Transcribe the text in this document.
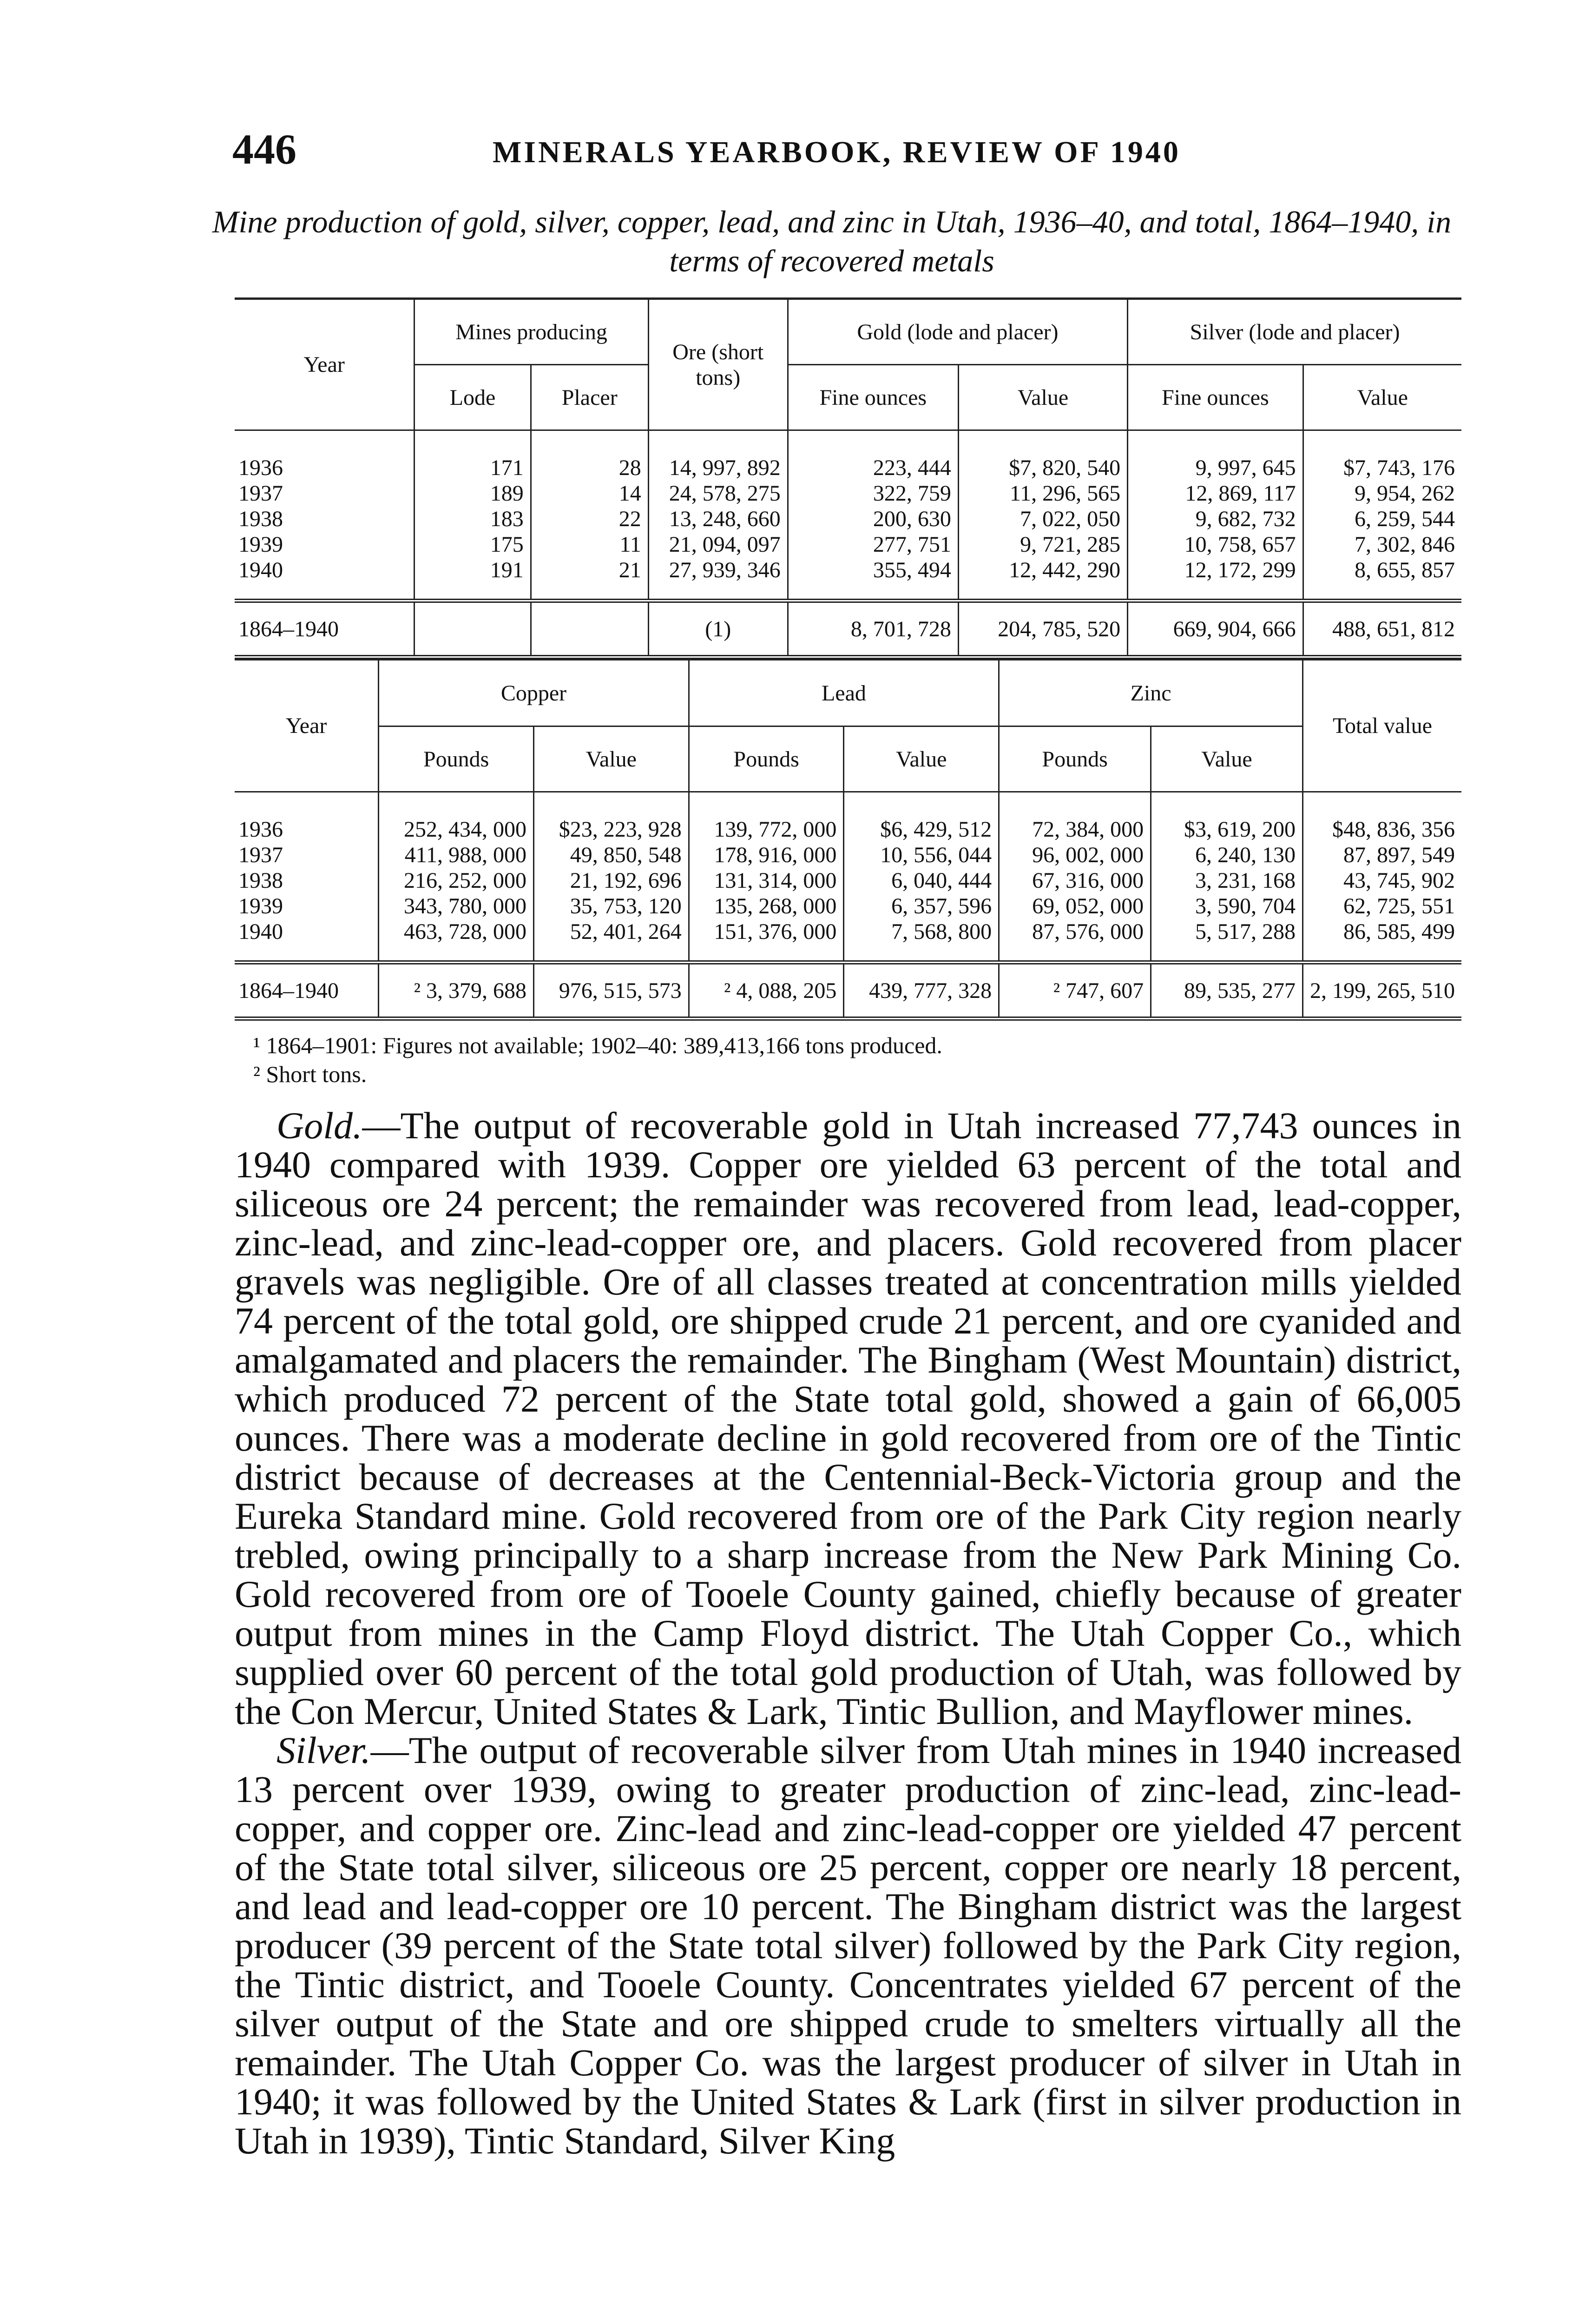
446	MINERALS YEARBOOK, REVIEW OF 1940
Mine production of gold, silver, copper, lead, and zinc in Utah, 1936–40, and total, 1864–1940, in terms of recovered metals
Year	Mines producing		Ore (short tons)	Gold (lode and placer)		Silver (lode and placer)	
	Lode	Placer		Fine ounces	Value	Fine ounces	Value
1936	171	28	14, 997, 892	223, 444	$7, 820, 540	9, 997, 645	$7, 743, 176
1937	189	14	24, 578, 275	322, 759	11, 296, 565	12, 869, 117	9, 954, 262
1938	183	22	13, 248, 660	200, 630	7, 022, 050	9, 682, 732	6, 259, 544
1939	175	11	21, 094, 097	277, 751	9, 721, 285	10, 758, 657	7, 302, 846
1940	191	21	27, 939, 346	355, 494	12, 442, 290	12, 172, 299	8, 655, 857
1864–1940			(1)	8, 701, 728	204, 785, 520	669, 904, 666	488, 651, 812
Year	Copper		Lead		Zinc		Total value
	Pounds	Value	Pounds	Value	Pounds	Value	
1936	252, 434, 000	$23, 223, 928	139, 772, 000	$6, 429, 512	72, 384, 000	$3, 619, 200	$48, 836, 356
1937	411, 988, 000	49, 850, 548	178, 916, 000	10, 556, 044	96, 002, 000	6, 240, 130	87, 897, 549
1938	216, 252, 000	21, 192, 696	131, 314, 000	6, 040, 444	67, 316, 000	3, 231, 168	43, 745, 902
1939	343, 780, 000	35, 753, 120	135, 268, 000	6, 357, 596	69, 052, 000	3, 590, 704	62, 725, 551
1940	463, 728, 000	52, 401, 264	151, 376, 000	7, 568, 800	87, 576, 000	5, 517, 288	86, 585, 499
1864–1940	² 3, 379, 688	976, 515, 573	² 4, 088, 205	439, 777, 328	² 747, 607	89, 535, 277	2, 199, 265, 510
¹ 1864–1901: Figures not available; 1902–40: 389,413,166 tons produced.
² Short tons.

Gold.—The output of recoverable gold in Utah increased 77,743 ounces in 1940 compared with 1939. Copper ore yielded 63 percent of the total and siliceous ore 24 percent; the remainder was recovered from lead, lead-copper, zinc-lead, and zinc-lead-copper ore, and placers. Gold recovered from placer gravels was negligible. Ore of all classes treated at concentration mills yielded 74 percent of the total gold, ore shipped crude 21 percent, and ore cyanided and amalgamated and placers the remainder. The Bingham (West Mountain) district, which produced 72 percent of the State total gold, showed a gain of 66,005 ounces. There was a moderate decline in gold recovered from ore of the Tintic district because of decreases at the Centennial-Beck-Victoria group and the Eureka Standard mine. Gold recovered from ore of the Park City region nearly trebled, owing principally to a sharp increase from the New Park Mining Co. Gold recovered from ore of Tooele County gained, chiefly because of greater output from mines in the Camp Floyd district. The Utah Copper Co., which supplied over 60 percent of the total gold production of Utah, was followed by the Con Mercur, United States & Lark, Tintic Bullion, and Mayflower mines.

Silver.—The output of recoverable silver from Utah mines in 1940 increased 13 percent over 1939, owing to greater production of zinc-lead, zinc-lead-copper, and copper ore. Zinc-lead and zinc-lead-copper ore yielded 47 percent of the State total silver, siliceous ore 25 percent, copper ore nearly 18 percent, and lead and lead-copper ore 10 percent. The Bingham district was the largest producer (39 percent of the State total silver) followed by the Park City region, the Tintic district, and Tooele County. Concentrates yielded 67 percent of the silver output of the State and ore shipped crude to smelters virtually all the remainder. The Utah Copper Co. was the largest producer of silver in Utah in 1940; it was followed by the United States & Lark (first in silver production in Utah in 1939), Tintic Standard, Silver King
